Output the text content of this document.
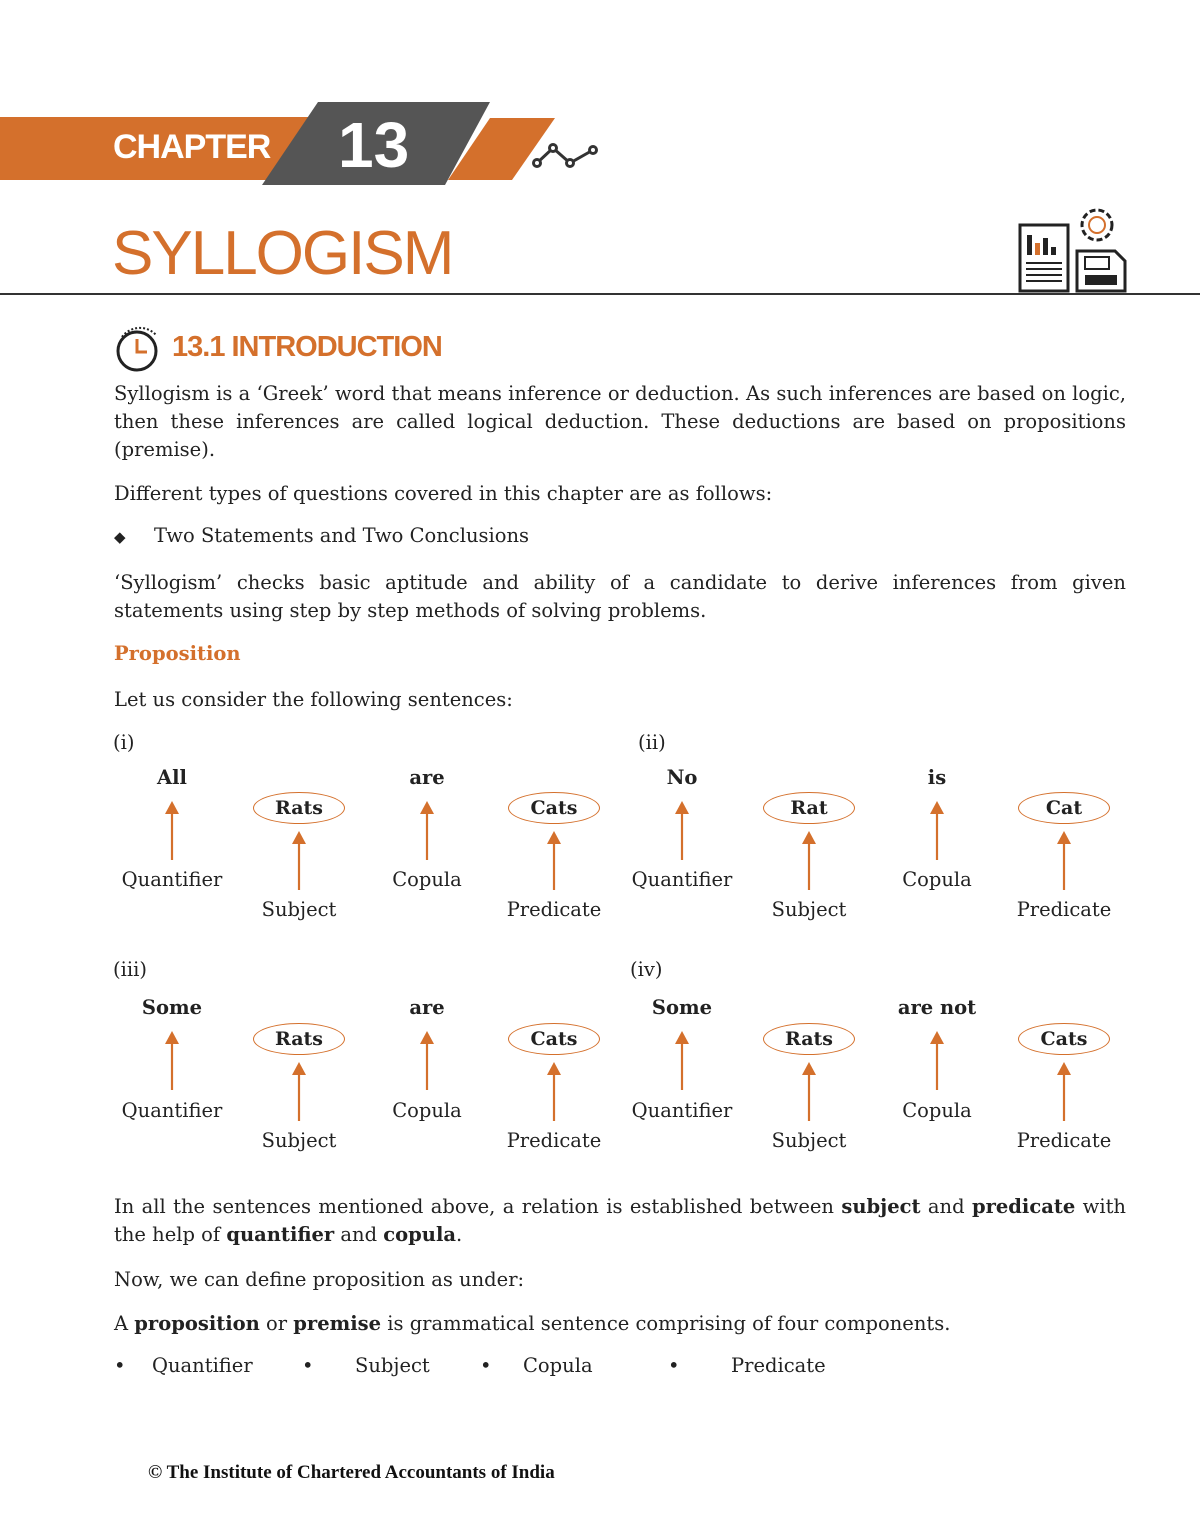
CHAPTER 13
SYLLOGISM
13.1 INTRODUCTION

Syllogism is a ‘Greek’ word that means inference or deduction. As such inferences are based on logic, then these inferences are called logical deduction. These deductions are based on propositions (premise).

Different types of questions covered in this chapter are as follows:

◆ Two Statements and Two Conclusions

‘Syllogism’ checks basic aptitude and ability of a candidate to derive inferences from given statements using step by step methods of solving problems.

Proposition

Let us consider the following sentences:

(i)
All
Quantifier
Rats
Subject
are
Copula
Cats
Predicate
(ii)
No
Quantifier
Rat
Subject
is
Copula
Cat
Predicate
(iii)
Some
Quantifier
Rats
Subject
are
Copula
Cats
Predicate
(iv)
Some
Quantifier
Rats
Subject
are not
Copula
Cats
Predicate

In all the sentences mentioned above, a relation is established between subject and predicate with the help of quantifier and copula.

Now, we can define proposition as under:

A proposition or premise is grammatical sentence comprising of four components.

• Quantifier	• Subject	• Copula	•	Predicate
© The Institute of Chartered Accountants of India
